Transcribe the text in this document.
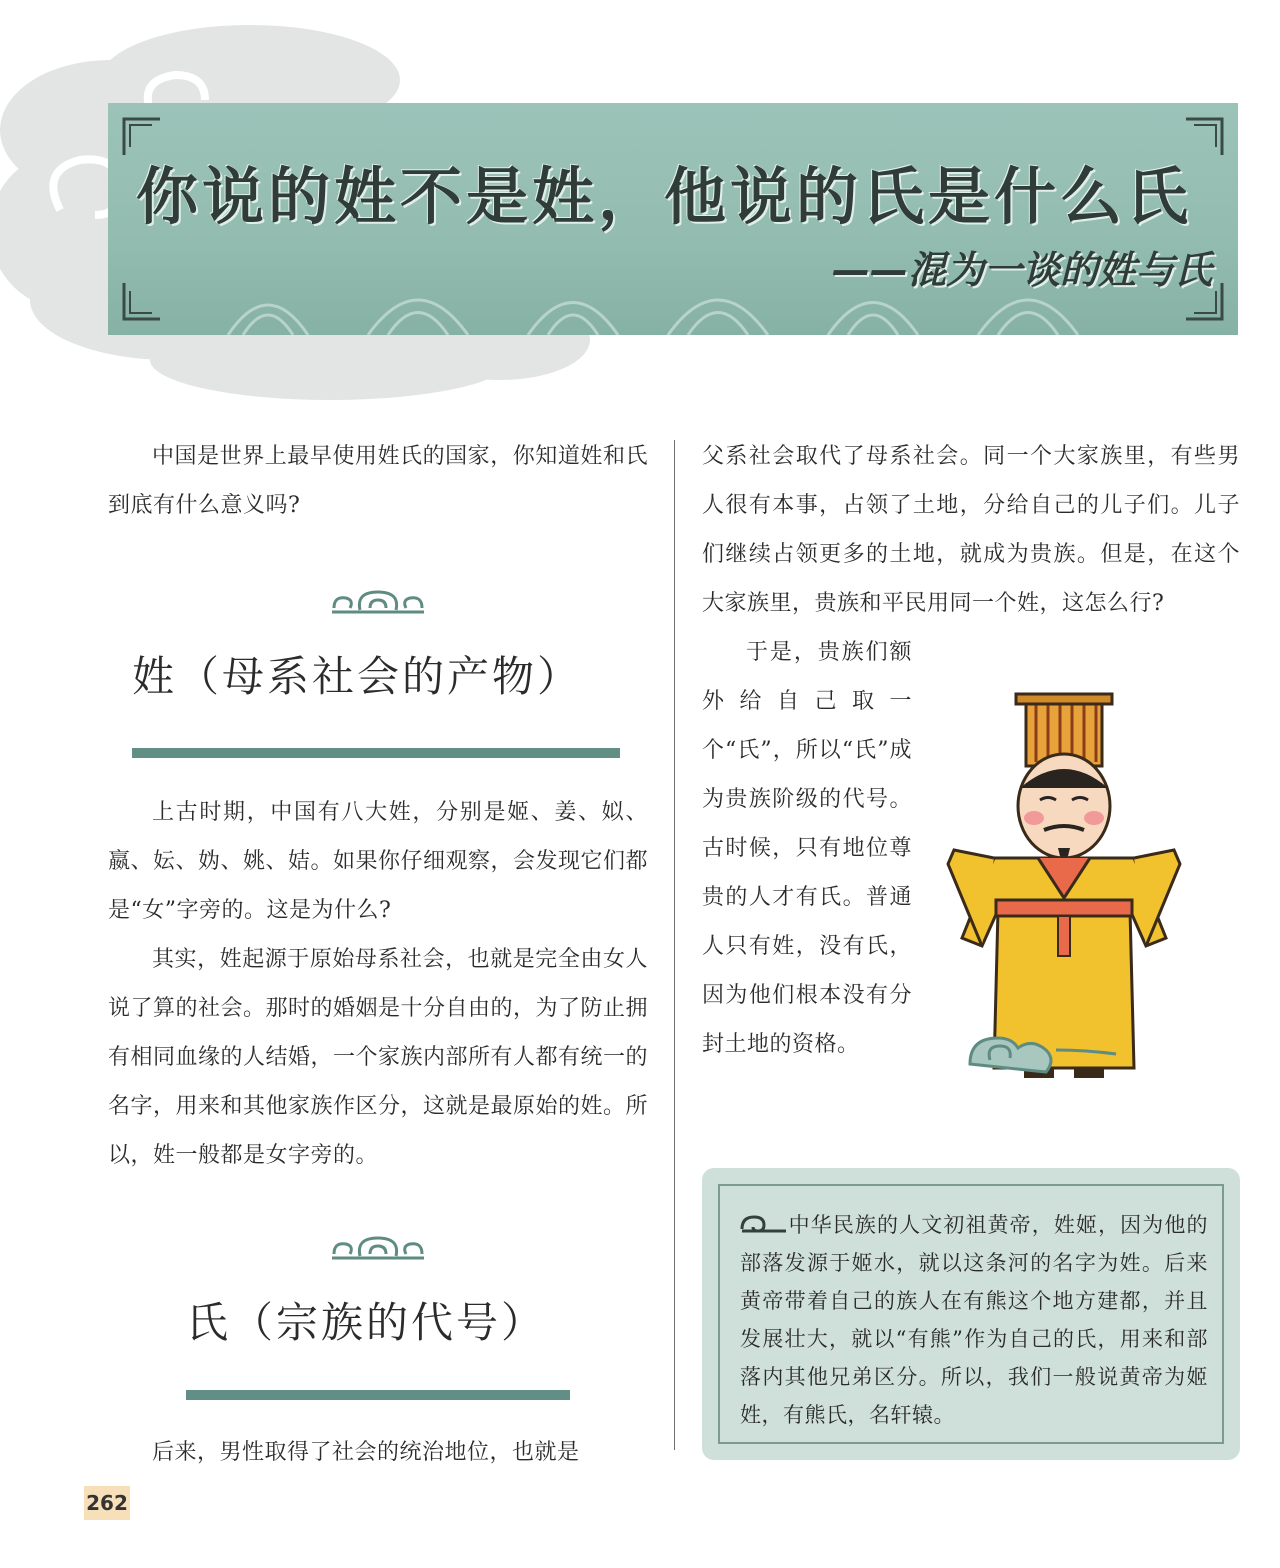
你说的姓不是姓，他说的氏是什么氏
——混为一谈的姓与氏

中国是世界上最早使用姓氏的国家，你知道姓和氏到底有什么意义吗?

姓（母系社会的产物）

上古时期，中国有八大姓，分别是姬、姜、姒、嬴、妘、妫、姚、姞。如果你仔细观察，会发现它们都是“女”字旁的。这是为什么?

其实，姓起源于原始母系社会，也就是完全由女人说了算的社会。那时的婚姻是十分自由的，为了防止拥有相同血缘的人结婚，一个家族内部所有人都有统一的名字，用来和其他家族作区分，这就是最原始的姓。所以，姓一般都是女字旁的。

氏（宗族的代号）

后来，男性取得了社会的统治地位，也就是

父系社会取代了母系社会。同一个大家族里，有些男人很有本事，占领了土地，分给自己的儿子们。儿子们继续占领更多的土地，就成为贵族。但是，在这个大家族里，贵族和平民用同一个姓，这怎么行?

于是，贵族们额外给自己取一个“氏”，所以“氏”成为贵族阶级的代号。古时候，只有地位尊贵的人才有氏。普通人只有姓，没有氏，因为他们根本没有分封土地的资格。

中华民族的人文初祖黄帝，姓姬，因为他的部落发源于姬水，就以这条河的名字为姓。后来黄帝带着自己的族人在有熊这个地方建都，并且发展壮大，就以“有熊”作为自己的氏，用来和部落内其他兄弟区分。所以，我们一般说黄帝为姬姓，有熊氏，名轩辕。

262
